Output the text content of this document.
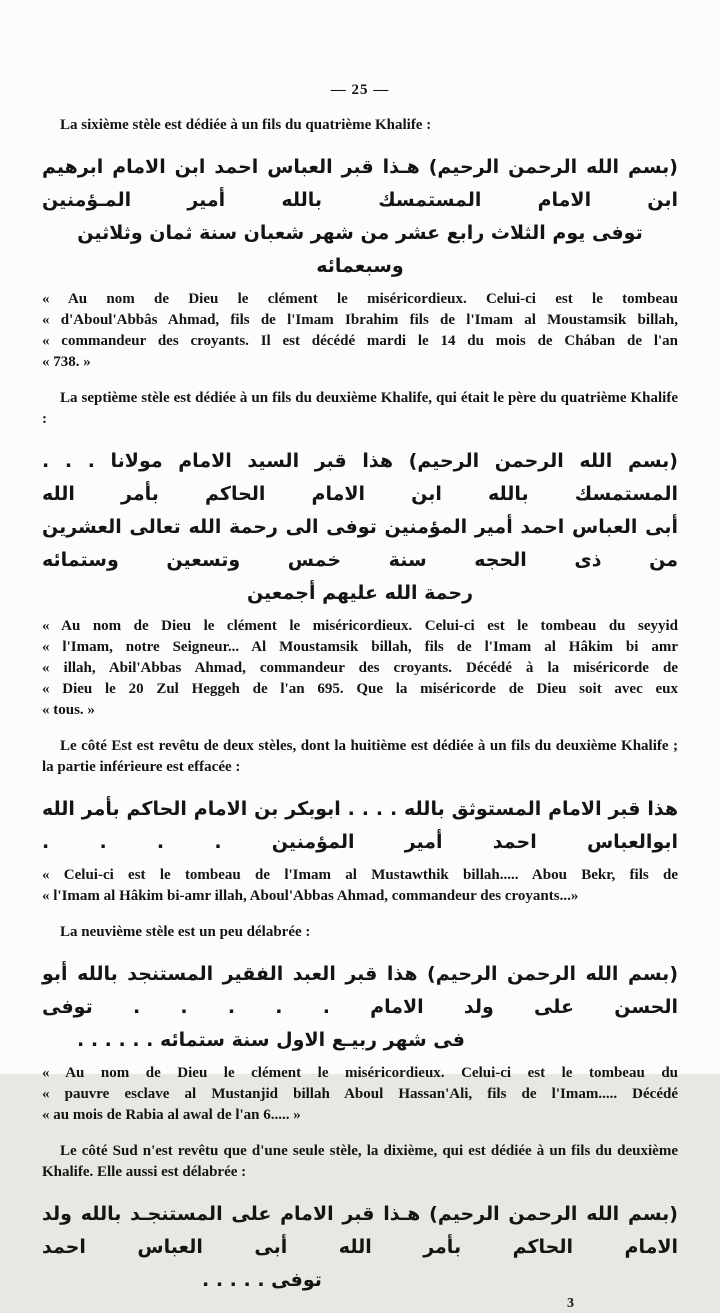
— 25 —

La sixième stèle est dédiée à un fils du quatrième Khalife :

(بسم الله الرحمن الرحيم) هـذا قبر العباس احمد ابن الامام ابرهيم ابن الامام المستمسك بالله أمير المـؤمنين
توفى يوم الثلاث رابع عشر من شهر شعبان سنة ثمان وثلاثين وسبعمائه
« Au nom de Dieu le clément le miséricordieux. Celui-ci est le tombeau
« d'Aboul'Abbâs Ahmad, fils de l'Imam Ibrahim fils de l'Imam al Moustamsik billah,
« commandeur des croyants. Il est décédé mardi le 14 du mois de Chában de l'an
« 738. »

La septième stèle est dédiée à un fils du deuxième Khalife, qui était le père du quatrième Khalife :

(بسم الله الرحمن الرحيم) هذا قبر السيد الامام مولانا . . . المستمسك بالله ابن الامام الحاكم بأمر الله
أبى العباس احمد أمير المؤمنين توفى الى رحمة الله تعالى العشرين من ذى الحجه سنة خمس وتسعين وستمائه
رحمة الله عليهم أجمعين
« Au nom de Dieu le clément le miséricordieux. Celui-ci est le tombeau du seyyid
« l'Imam, notre Seigneur... Al Moustamsik billah, fils de l'Imam al Hâkim bi amr
« illah, Abil'Abbas Ahmad, commandeur des croyants. Décédé à la miséricorde de
« Dieu le 20 Zul Heggeh de l'an 695. Que la miséricorde de Dieu soit avec eux
« tous. »

Le côté Est est revêtu de deux stèles, dont la huitième est dédiée à un fils du deuxième Khalife ; la partie inférieure est effacée :

هذا قبر الامام المستوثق بالله . . . . ابوبكر بن الامام الحاكم بأمر الله ابوالعباس احمد أمير المؤمنين . . . .
« Celui-ci est le tombeau de l'Imam al Mustawthik billah..... Abou Bekr, fils de
« l'Imam al Hâkim bi-amr illah, Aboul'Abbas Ahmad, commandeur des croyants...»

La neuvième stèle est un peu délabrée :

(بسم الله الرحمن الرحيم) هذا قبر العبد الفقير المستنجد بالله أبو الحسن على ولد الامام . . . . . توفى
فى شهر ربيـع الاول سنة ستمائه . . . . . .
« Au nom de Dieu le clément le miséricordieux. Celui-ci est le tombeau du
« pauvre esclave al Mustanjid billah Aboul Hassan'Ali, fils de l'Imam..... Décédé
« au mois de Rabia al awal de l'an 6..... »

Le côté Sud n'est revêtu que d'une seule stèle, la dixième, qui est dédiée à un fils du deuxième Khalife. Elle aussi est délabrée :

(بسم الله الرحمن الرحيم) هـذا قبر الامام على المستنجـد بالله ولد الامام الحاكم بأمر الله أبى العباس احمد
توفى . . . . .
3
